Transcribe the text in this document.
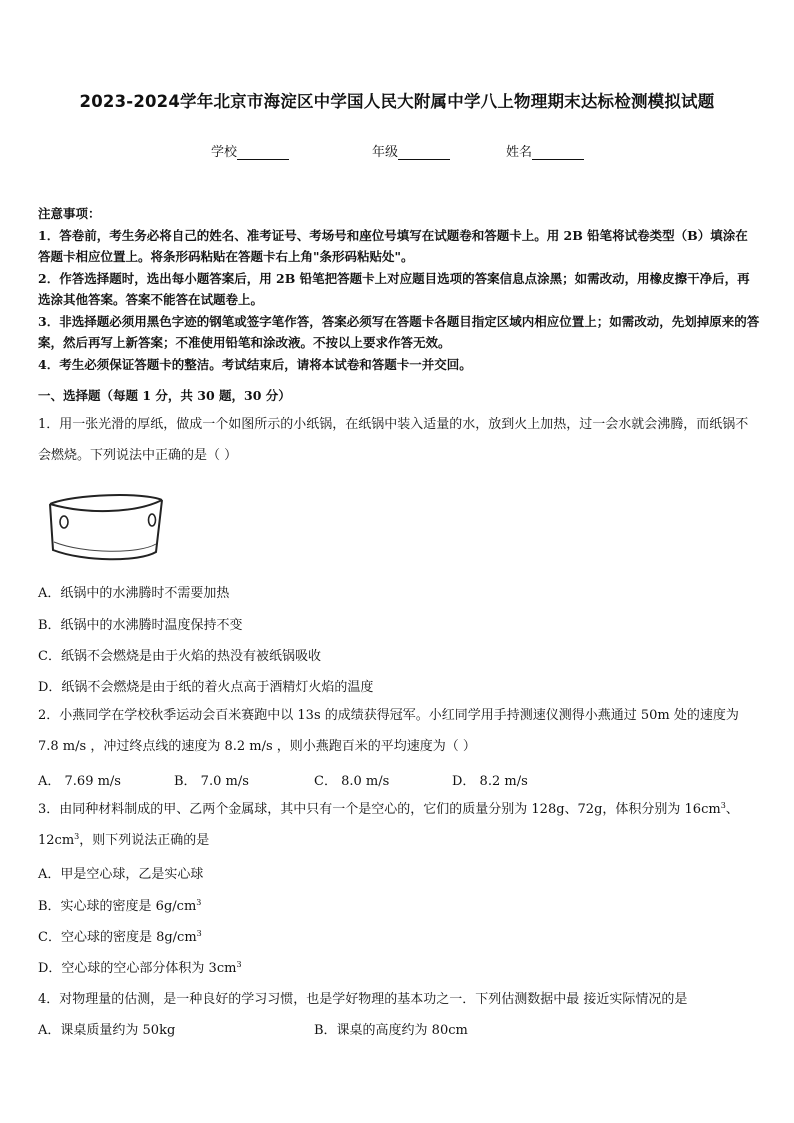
2023-2024学年北京市海淀区中学国人民大附属中学八上物理期末达标检测模拟试题
学校	年级	姓名

注意事项：

1．答卷前，考生务必将自己的姓名、准考证号、考场号和座位号填写在试题卷和答题卡上。用 2B 铅笔将试卷类型（B）填涂在答题卡相应位置上。将条形码粘贴在答题卡右上角"条形码粘贴处"。

2．作答选择题时，选出每小题答案后，用 2B 铅笔把答题卡上对应题目选项的答案信息点涂黑；如需改动，用橡皮擦干净后，再选涂其他答案。答案不能答在试题卷上。

3．非选择题必须用黑色字迹的钢笔或签字笔作答，答案必须写在答题卡各题目指定区域内相应位置上；如需改动，先划掉原来的答案，然后再写上新答案；不准使用铅笔和涂改液。不按以上要求作答无效。

4．考生必须保证答题卡的整洁。考试结束后，请将本试卷和答题卡一并交回。

一、选择题（每题 1 分，共 30 题，30 分）
1．用一张光滑的厚纸，做成一个如图所示的小纸锅，在纸锅中装入适量的水，放到火上加热，过一会水就会沸腾，而纸锅不会燃烧。下列说法中正确的是（ ）
A．纸锅中的水沸腾时不需要加热
B．纸锅中的水沸腾时温度保持不变
C．纸锅不会燃烧是由于火焰的热没有被纸锅吸收
D．纸锅不会燃烧是由于纸的着火点高于酒精灯火焰的温度
2．小燕同学在学校秋季运动会百米赛跑中以 13s 的成绩获得冠军。小红同学用手持测速仪测得小燕通过 50m 处的速度为 7.8 m/s ，冲过终点线的速度为 8.2 m/s ，则小燕跑百米的平均速度为（ ）
A． 7.69 m/s	B． 7.0 m/s	C． 8.0 m/s	D． 8.2 m/s
3．由同种材料制成的甲、乙两个金属球，其中只有一个是空心的，它们的质量分别为 128g、72g，体积分别为 $16cm^3$、$12cm^3$，则下列说法正确的是
A．甲是空心球，乙是实心球
B．实心球的密度是 $6g/cm^3$
C．空心球的密度是 $8g/cm^3$
D．空心球的空心部分体积为 $3cm^3$
4．对物理量的估测，是一种良好的学习习惯，也是学好物理的基本功之一．下列估测数据中最 接近实际情况的是
A．课桌质量约为 50kg	B．课桌的高度约为 80cm
